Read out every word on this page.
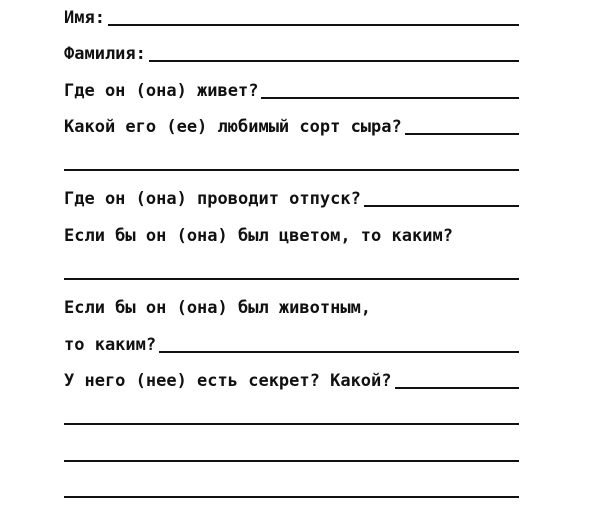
Имя:
Фамилия:
Где он (она) живет?
Какой его (ее) любимый сорт сыра?
Где он (она) проводит отпуск?
Если бы он (она) был цветом, то каким?
Если бы он (она) был животным,
то каким?
У него (нее) есть секрет? Какой?
